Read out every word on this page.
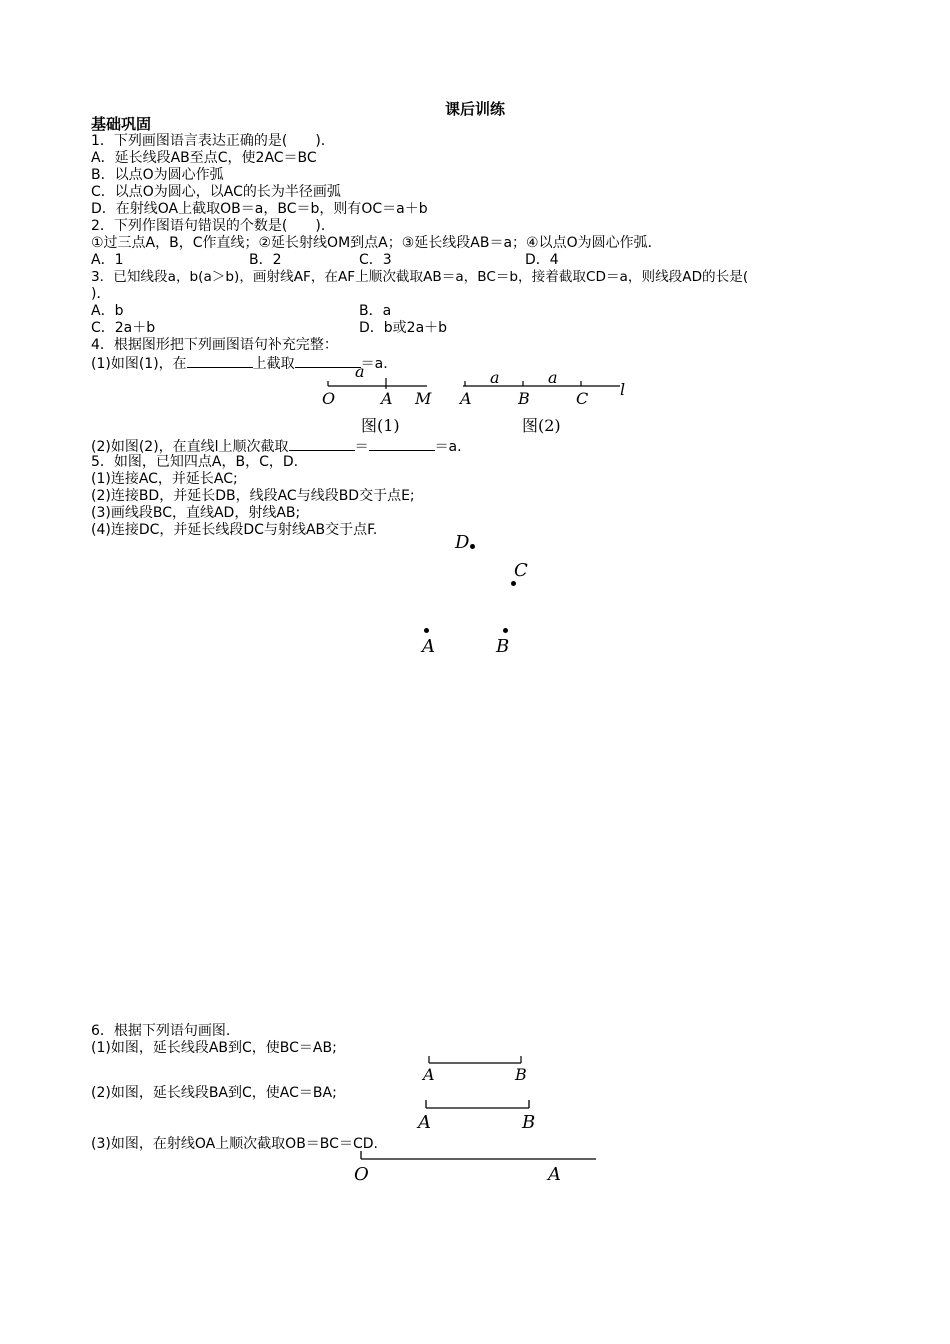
课后训练
基础巩固
1．下列画图语言表达正确的是(　　)．
A．延长线段AB至点C，使2AC＝BC
B．以点O为圆心作弧
C．以点O为圆心，以AC的长为半径画弧
D．在射线OA上截取OB＝a，BC＝b，则有OC＝a＋b
2．下列作图语句错误的个数是(　　)．
①过三点A，B，C作直线；②延长射线OM到点A；③延长线段AB＝a；④以点O为圆心作弧．
A．1	B．2	C．3	D．4
3．已知线段a，b(a＞b)，画射线AF，在AF上顺次截取AB＝a，BC＝b，接着截取CD＝a，则线段AD的长是(
)．
A．b	B．a
C．2a＋b	D．b或2a＋b
4．根据图形把下列画图语句补充完整：
(1)如图(1)，在	上截取	＝a.
a
O	A M
图(1)
a	a
l
A	B	C
图(2)
(2)如图(2)，在直线l上顺次截取	＝	＝a.
5．如图，已知四点A，B，C，D.
(1)连接AC，并延长AC;
(2)连接BD，并延长DB，线段AC与线段BD交于点E;
(3)画线段BC，直线AD，射线AB;
(4)连接DC，并延长线段DC与射线AB交于点F.
D
C
A	B
6．根据下列语句画图.
(1)如图，延长线段AB到C，使BC＝AB;
A	B
(2)如图，延长线段BA到C，使AC＝BA;
A	B
(3)如图，在射线OA上顺次截取OB＝BC＝CD.
O	A
